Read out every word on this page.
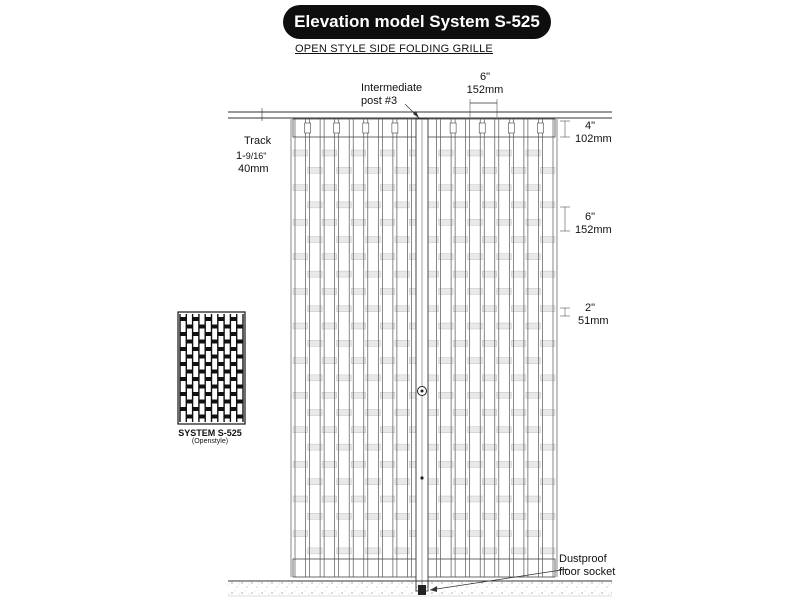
Elevation model System S-525
OPEN STYLE SIDE FOLDING GRILLE
Intermediate
post #3
6"
152mm
Track
1-9/16"
40mm
4"
102mm
6"
152mm
2"
51mm
Dustproof
floor socket
SYSTEM S-525
(Openstyle)
